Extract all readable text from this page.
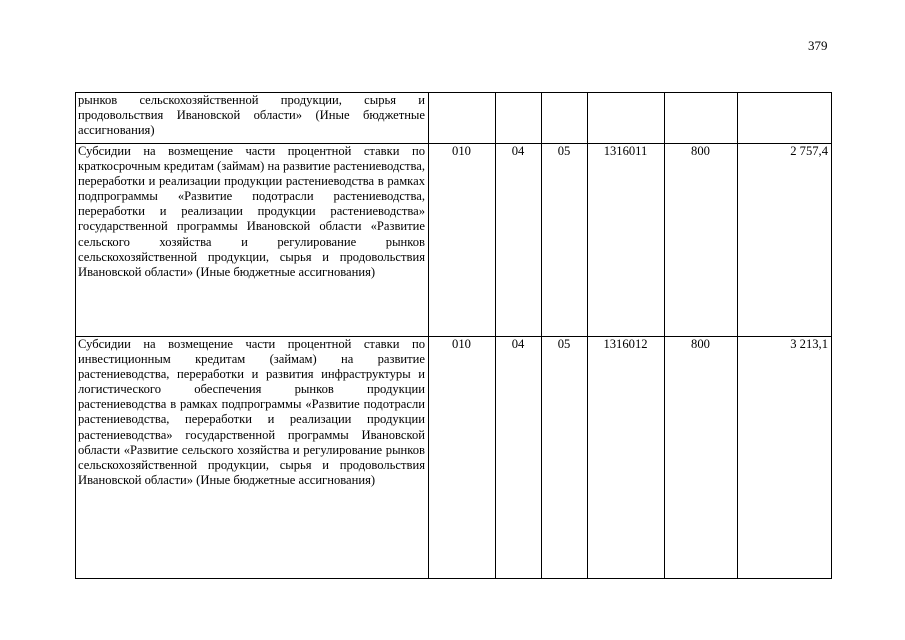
379
рынков сельскохозяйственной продукции, сырья и продовольствия Ивановской области» (Иные бюджетные ассигнования)						
Субсидии на возмещение части процентной ставки по краткосрочным кредитам (займам) на развитие растениеводства, переработки и реализации продукции растениеводства в рамках подпрограммы «Развитие подотрасли растениеводства, переработки и реализации продукции растениеводства» государственной программы Ивановской области «Развитие сельского хозяйства и регулирование рынков сельскохозяйственной продукции, сырья и продовольствия Ивановской области» (Иные бюджетные ассигнования)	010	04	05	1316011	800	2 757,4
Субсидии на возмещение части процентной ставки по инвестиционным кредитам (займам) на развитие растениеводства, переработки и развития инфраструктуры и логистического обеспечения рынков продукции растениеводства в рамках подпрограммы «Развитие подотрасли растениеводства, переработки и реализации продукции растениеводства» государственной программы Ивановской области «Развитие сельского хозяйства и регулирование рынков сельскохозяйственной продукции, сырья и продовольствия Ивановской области» (Иные бюджетные ассигнования)	010	04	05	1316012	800	3 213,1
